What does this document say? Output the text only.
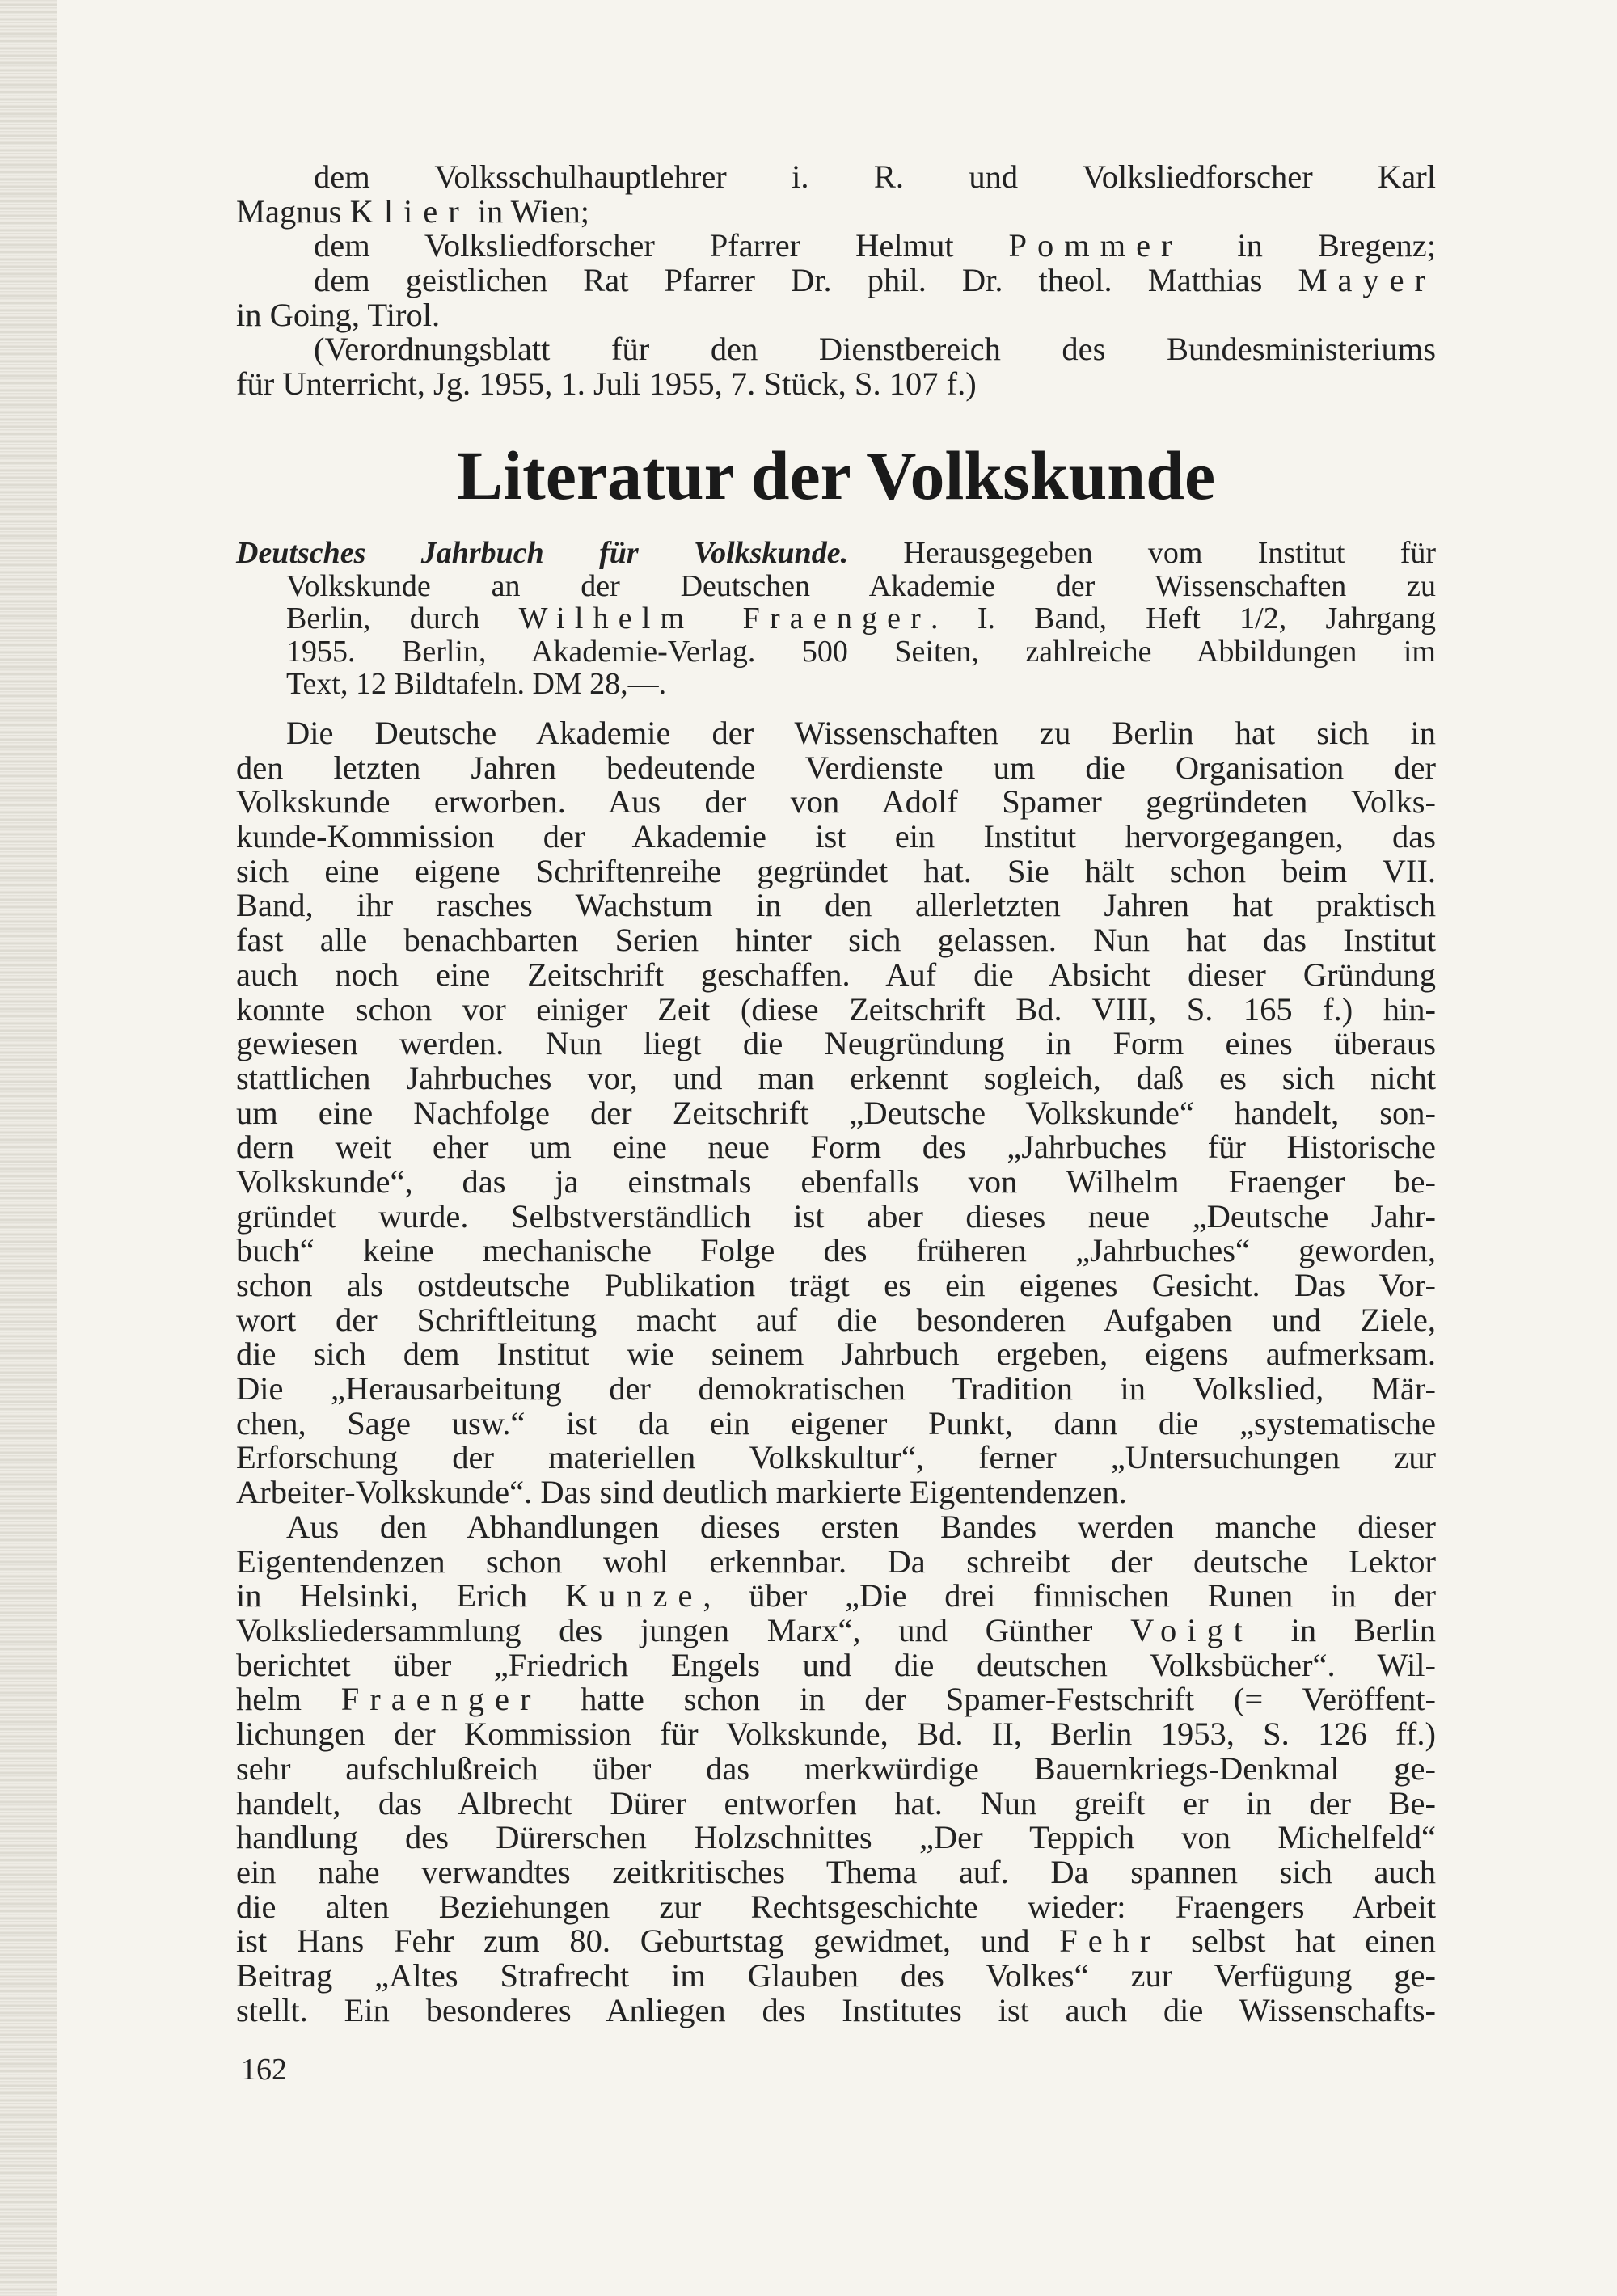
dem Volksschulhauptlehrer i. R. und Volksliedforscher Karl
Magnus Klier in Wien;
dem Volksliedforscher Pfarrer Helmut Pommer in Bregenz;
dem geistlichen Rat Pfarrer Dr. phil. Dr. theol. Matthias Mayer
in Going, Tirol.
(Verordnungsblatt für den Dienstbereich des Bundesministeriums
für Unterricht, Jg. 1955, 1. Juli 1955, 7. Stück, S. 107 f.)
Literatur der Volkskunde
Deutsches Jahrbuch für Volkskunde. Herausgegeben vom Institut für
Volkskunde an der Deutschen Akademie der Wissenschaften zu
Berlin, durch Wilhelm Fraenger. I. Band, Heft 1/2, Jahrgang
1955. Berlin, Akademie-Verlag. 500 Seiten, zahlreiche Abbildungen im
Text, 12 Bildtafeln. DM 28,—.
Die Deutsche Akademie der Wissenschaften zu Berlin hat sich in
den letzten Jahren bedeutende Verdienste um die Organisation der
Volkskunde erworben. Aus der von Adolf Spamer gegründeten Volks-
kunde-Kommission der Akademie ist ein Institut hervorgegangen, das
sich eine eigene Schriftenreihe gegründet hat. Sie hält schon beim VII.
Band, ihr rasches Wachstum in den allerletzten Jahren hat praktisch
fast alle benachbarten Serien hinter sich gelassen. Nun hat das Institut
auch noch eine Zeitschrift geschaffen. Auf die Absicht dieser Gründung
konnte schon vor einiger Zeit (diese Zeitschrift Bd. VIII, S. 165 f.) hin-
gewiesen werden. Nun liegt die Neugründung in Form eines überaus
stattlichen Jahrbuches vor, und man erkennt sogleich, daß es sich nicht
um eine Nachfolge der Zeitschrift „Deutsche Volkskunde“ handelt, son-
dern weit eher um eine neue Form des „Jahrbuches für Historische
Volkskunde“, das ja einstmals ebenfalls von Wilhelm Fraenger be-
gründet wurde. Selbstverständlich ist aber dieses neue „Deutsche Jahr-
buch“ keine mechanische Folge des früheren „Jahrbuches“ geworden,
schon als ostdeutsche Publikation trägt es ein eigenes Gesicht. Das Vor-
wort der Schriftleitung macht auf die besonderen Aufgaben und Ziele,
die sich dem Institut wie seinem Jahrbuch ergeben, eigens aufmerksam.
Die „Herausarbeitung der demokratischen Tradition in Volkslied, Mär-
chen, Sage usw.“ ist da ein eigener Punkt, dann die „systematische
Erforschung der materiellen Volkskultur“, ferner „Untersuchungen zur
Arbeiter-Volkskunde“. Das sind deutlich markierte Eigentendenzen.
Aus den Abhandlungen dieses ersten Bandes werden manche dieser
Eigentendenzen schon wohl erkennbar. Da schreibt der deutsche Lektor
in Helsinki, Erich Kunze, über „Die drei finnischen Runen in der
Volksliedersammlung des jungen Marx“, und Günther Voigt in Berlin
berichtet über „Friedrich Engels und die deutschen Volksbücher“. Wil-
helm Fraenger hatte schon in der Spamer-Festschrift (= Veröffent-
lichungen der Kommission für Volkskunde, Bd. II, Berlin 1953, S. 126 ff.)
sehr aufschlußreich über das merkwürdige Bauernkriegs-Denkmal ge-
handelt, das Albrecht Dürer entworfen hat. Nun greift er in der Be-
handlung des Dürerschen Holzschnittes „Der Teppich von Michelfeld“
ein nahe verwandtes zeitkritisches Thema auf. Da spannen sich auch
die alten Beziehungen zur Rechtsgeschichte wieder: Fraengers Arbeit
ist Hans Fehr zum 80. Geburtstag gewidmet, und Fehr selbst hat einen
Beitrag „Altes Strafrecht im Glauben des Volkes“ zur Verfügung ge-
stellt. Ein besonderes Anliegen des Institutes ist auch die Wissenschafts-
162
